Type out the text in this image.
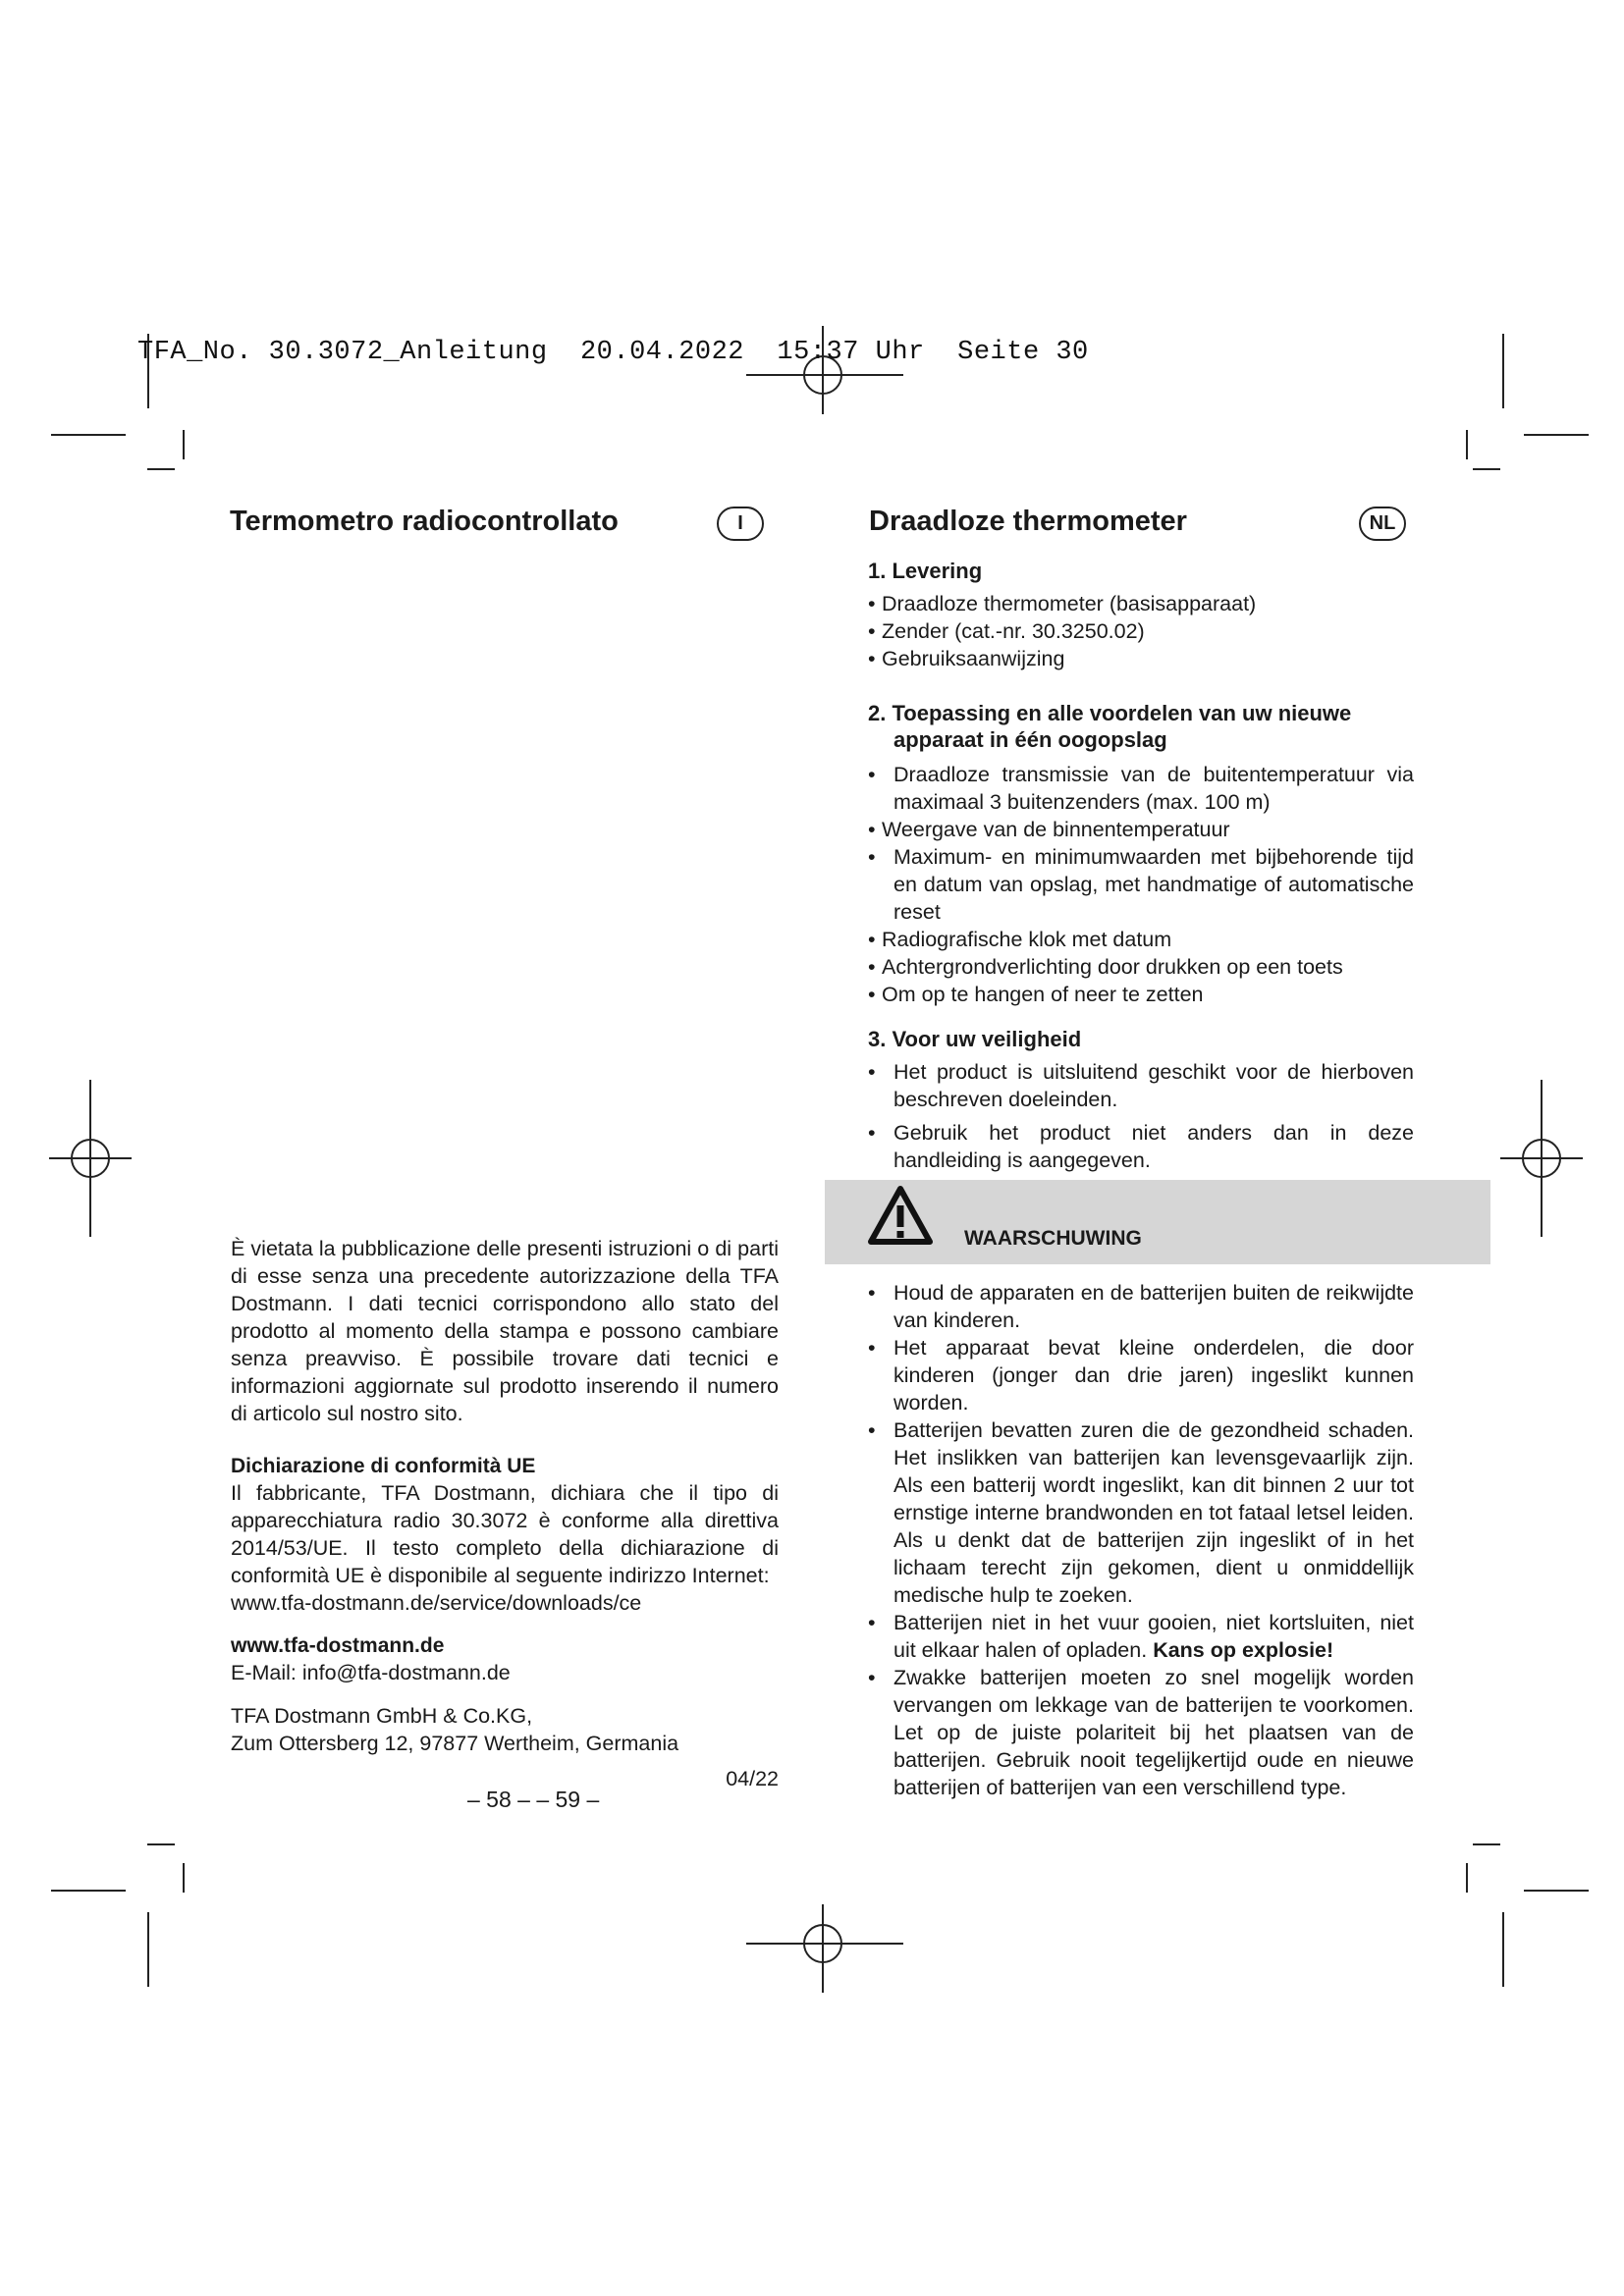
TFA_No. 30.3072_Anleitung  20.04.2022  15:37 Uhr  Seite 30
Termometro radiocontrollato	I

È vietata la pubblicazione delle presenti istruzioni o di parti di esse senza una precedente autorizzazione della TFA Dostmann. I dati tecnici corrispondono allo stato del prodotto al momento della stampa e possono cambiare senza preavviso. È possibile trovare dati tecnici e informazioni aggiornate sul prodotto inserendo il numero di articolo sul nostro sito.

Dichiarazione di conformità UE

Il fabbricante, TFA Dostmann, dichiara che il tipo di apparecchiatura radio 30.3072 è conforme alla direttiva 2014/53/UE. Il testo completo della dichiarazione di conformità UE è disponibile al seguente indirizzo Internet:

www.tfa-dostmann.de/service/downloads/ce

www.tfa-dostmann.de

E-Mail: info@tfa-dostmann.de

TFA Dostmann GmbH & Co.KG,

Zum Ottersberg 12, 97877 Wertheim, Germania

04/22

– 58 – – 59 –
Draadloze thermometer	NL

1. Levering

• Draadloze thermometer (basisapparaat)
• Zender (cat.-nr. 30.3250.02)
• Gebruiksaanwijzing

2. Toepassing en alle voordelen van uw nieuwe apparaat in één oogopslag

• Draadloze transmissie van de buitentemperatuur via maximaal 3 buitenzenders (max. 100 m)
• Weergave van de binnentemperatuur
• Maximum- en minimumwaarden met bijbehorende tijd en datum van opslag, met handmatige of automatische reset
• Radiografische klok met datum
• Achtergrondverlichting door drukken op een toets
• Om op te hangen of neer te zetten

3. Voor uw veiligheid

• Het product is uitsluitend geschikt voor de hierboven beschreven doeleinden.
• Gebruik het product niet anders dan in deze handleiding is aangegeven.
WAARSCHUWING
• Houd de apparaten en de batterijen buiten de reikwijdte van kinderen.
• Het apparaat bevat kleine onderdelen, die door kinderen (jonger dan drie jaren) ingeslikt kunnen worden.
• Batterijen bevatten zuren die de gezondheid schaden. Het inslikken van batterijen kan levensgevaarlijk zijn. Als een batterij wordt ingeslikt, kan dit binnen 2 uur tot ernstige interne brandwonden en tot fataal letsel leiden. Als u denkt dat de batterijen zijn ingeslikt of in het lichaam terecht zijn gekomen, dient u onmiddellijk medische hulp te zoeken.
• Batterijen niet in het vuur gooien, niet kortsluiten, niet uit elkaar halen of opladen. Kans op explosie!
• Zwakke batterijen moeten zo snel mogelijk worden vervangen om lekkage van de batterijen te voorkomen. Let op de juiste polariteit bij het plaatsen van de batterijen. Gebruik nooit tegelijkertijd oude en nieuwe batterijen of batterijen van een verschillend type.
